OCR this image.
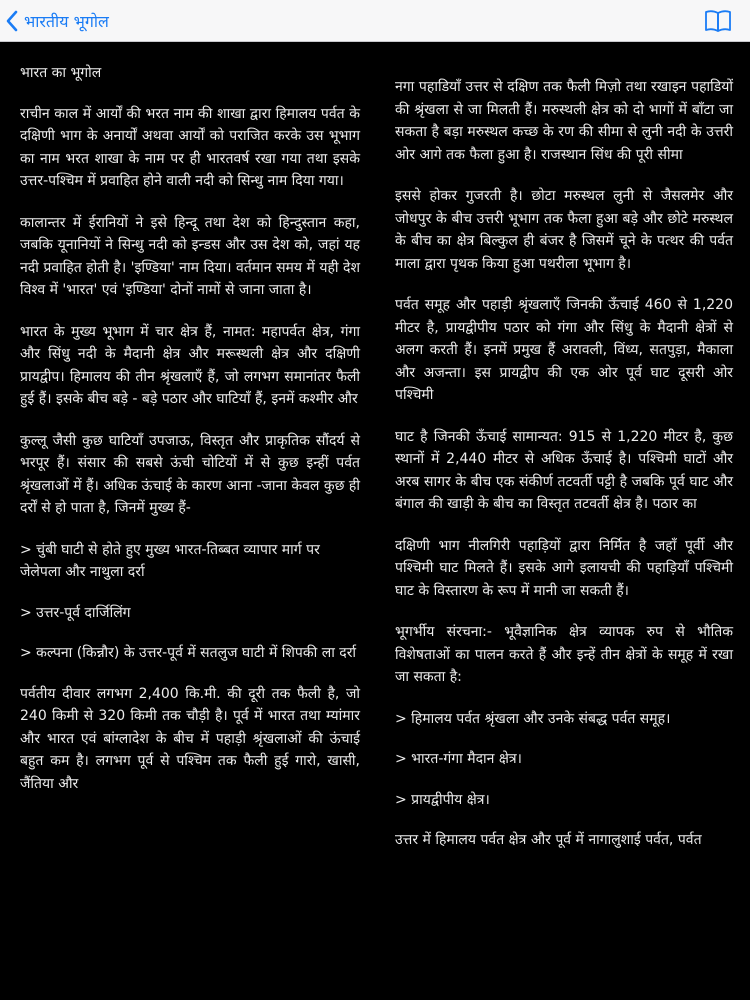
भारतीय भूगोल

भारत का भूगोल

राचीन काल में आर्यों की भरत नाम की शाखा द्वारा हिमालय पर्वत के दक्षिणी भाग के अनार्यों अथवा आर्यों को पराजित करके उस भूभाग का नाम भरत शाखा के नाम पर ही भारतवर्ष रखा गया तथा इसके उत्तर-पश्चिम में प्रवाहित होने वाली नदी को सिन्धु नाम दिया गया।

कालान्तर में ईरानियों ने इसे हिन्दू तथा देश को हिन्दुस्तान कहा, जबकि यूनानियों ने सिन्धु नदी को इन्डस और उस देश को, जहां यह नदी प्रवाहित होती है। 'इण्डिया' नाम दिया। वर्तमान समय में यही देश विश्व में 'भारत' एवं 'इण्डिया' दोनों नामों से जाना जाता है।

भारत के मुख्य भूभाग में चार क्षेत्र हैं, नामत: महापर्वत क्षेत्र, गंगा और सिंधु नदी के मैदानी क्षेत्र और मरूस्थली क्षेत्र और दक्षिणी प्रायद्वीप। हिमालय की तीन श्रृंखलाएँ हैं, जो लगभग समानांतर फैली हुई हैं। इसके बीच बड़े - बड़े पठार और घाटियाँ हैं, इनमें कश्मीर और

कुल्लू जैसी कुछ घाटियाँ उपजाऊ, विस्तृत और प्राकृतिक सौंदर्य से भरपूर हैं। संसार की सबसे ऊंची चोटियों में से कुछ इन्हीं पर्वत श्रृंखलाओं में हैं। अधिक ऊंचाई के कारण आना -जाना केवल कुछ ही दर्रों से हो पाता है, जिनमें मुख्य हैं-

> चुंबी घाटी से होते हुए मुख्य भारत-तिब्बत व्यापार मार्ग पर जेलेपला और नाथुला दर्रा

> उत्तर-पूर्व दार्जिलिंग

> कल्पना (किन्नौर) के उत्तर-पूर्व में सतलुज घाटी में शिपकी ला दर्रा

पर्वतीय दीवार लगभग 2,400 कि.मी. की दूरी तक फैली है, जो 240 किमी से 320 किमी तक चौड़ी है। पूर्व में भारत तथा म्यांमार और भारत एवं बांग्लादेश के बीच में पहाड़ी श्रृंखलाओं की ऊंचाई बहुत कम है। लगभग पूर्व से पश्चिम तक फैली हुई गारो, खासी, जैंतिया और

नगा पहाडियाँ उत्तर से दक्षिण तक फैली मिज़ो तथा रखाइन पहाडियों की श्रृंखला से जा मिलती हैं। मरुस्थली क्षेत्र को दो भागों में बाँटा जा सकता है बड़ा मरुस्थल कच्छ के रण की सीमा से लुनी नदी के उत्तरी ओर आगे तक फैला हुआ है। राजस्थान सिंध की पूरी सीमा

इससे होकर गुजरती है। छोटा मरुस्थल लुनी से जैसलमेर और जोधपुर के बीच उत्तरी भूभाग तक फैला हुआ बड़े और छोटे मरुस्थल के बीच का क्षेत्र बिल्कुल ही बंजर है जिसमें चूने के पत्थर की पर्वत माला द्वारा पृथक किया हुआ पथरीला भूभाग है।

पर्वत समूह और पहाड़ी श्रृंखलाएँ जिनकी ऊँचाई 460 से 1,220 मीटर है, प्रायद्वीपीय पठार को गंगा और सिंधु के मैदानी क्षेत्रों से अलग करती हैं। इनमें प्रमुख हैं अरावली, विंध्य, सतपुड़ा, मैकाला और अजन्ता। इस प्रायद्वीप की एक ओर पूर्व घाट दूसरी ओर पश्चिमी

घाट है जिनकी ऊँचाई सामान्यत: 915 से 1,220 मीटर है, कुछ स्थानों में 2,440 मीटर से अधिक ऊँचाई है। पश्चिमी घाटों और अरब सागर के बीच एक संकीर्ण तटवर्ती पट्टी है जबकि पूर्व घाट और बंगाल की खाड़ी के बीच का विस्तृत तटवर्ती क्षेत्र है। पठार का

दक्षिणी भाग नीलगिरी पहाड़ियों द्वारा निर्मित है जहाँ पूर्वी और पश्चिमी घाट मिलते हैं। इसके आगे इलायची की पहाड़ियाँ पश्चिमी घाट के विस्तारण के रूप में मानी जा सकती हैं।

भूगर्भीय संरचना:- भूवैज्ञानिक क्षेत्र व्यापक रुप से भौतिक विशेषताओं का पालन करते हैं और इन्हें तीन क्षेत्रों के समूह में रखा जा सकता है:

> हिमालय पर्वत श्रृंखला और उनके संबद्ध पर्वत समूह।

> भारत-गंगा मैदान क्षेत्र।

> प्रायद्वीपीय क्षेत्र।

उत्तर में हिमालय पर्वत क्षेत्र और पूर्व में नागालुशाई पर्वत, पर्वत
